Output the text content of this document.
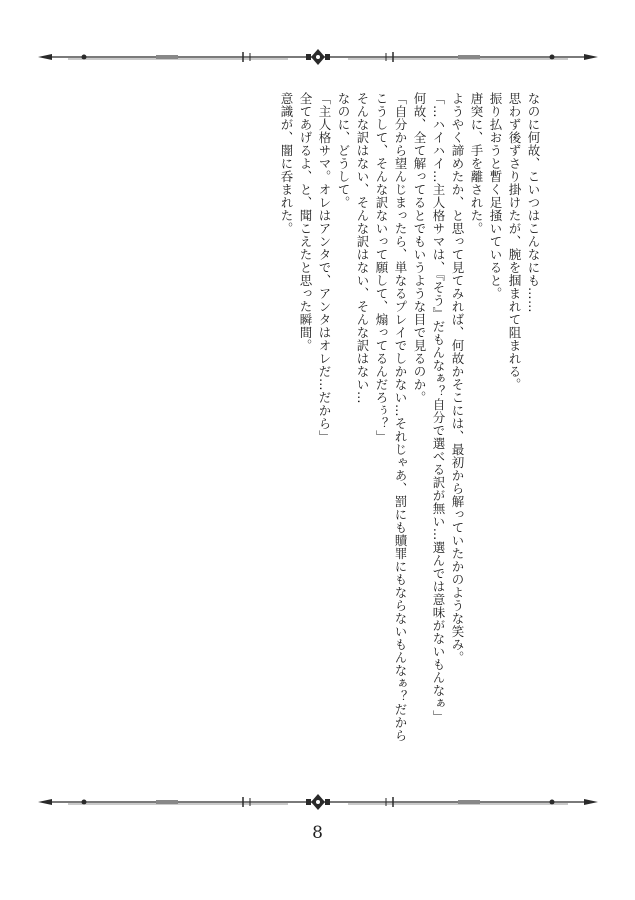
なのに何故、こいつはこんなにも……

思わず後ずさり掛けたが、腕を掴まれて阻まれる。

振り払おうと暫く足掻いていると。

唐突に、手を離された。

ようやく諦めたか、と思って見てみれば、何故かそこには、最初から解っていたかのような笑み。

「…ハイハイ…主人格サマは、『そう』だもんなぁ？自分で選べる訳が無い…選んでは意味がないもんなぁ」

何故、全て解ってるとでもいうような目で見るのか。

「自分から望んじまったら、単なるプレイでしかない…それじゃあ、罰にも贖罪にもならないもんなぁ？だから

こうして、そんな訳ないって願して、煽ってるんだろぅ？」

そんな訳はない、そんな訳はない、そんな訳はない…

なのに、どうして。

「主人格サマ。オレはアンタで、アンタはオレだ…だから」

全てあげるよ、と、聞こえたと思った瞬間。

意識が、闇に呑まれた。

8
